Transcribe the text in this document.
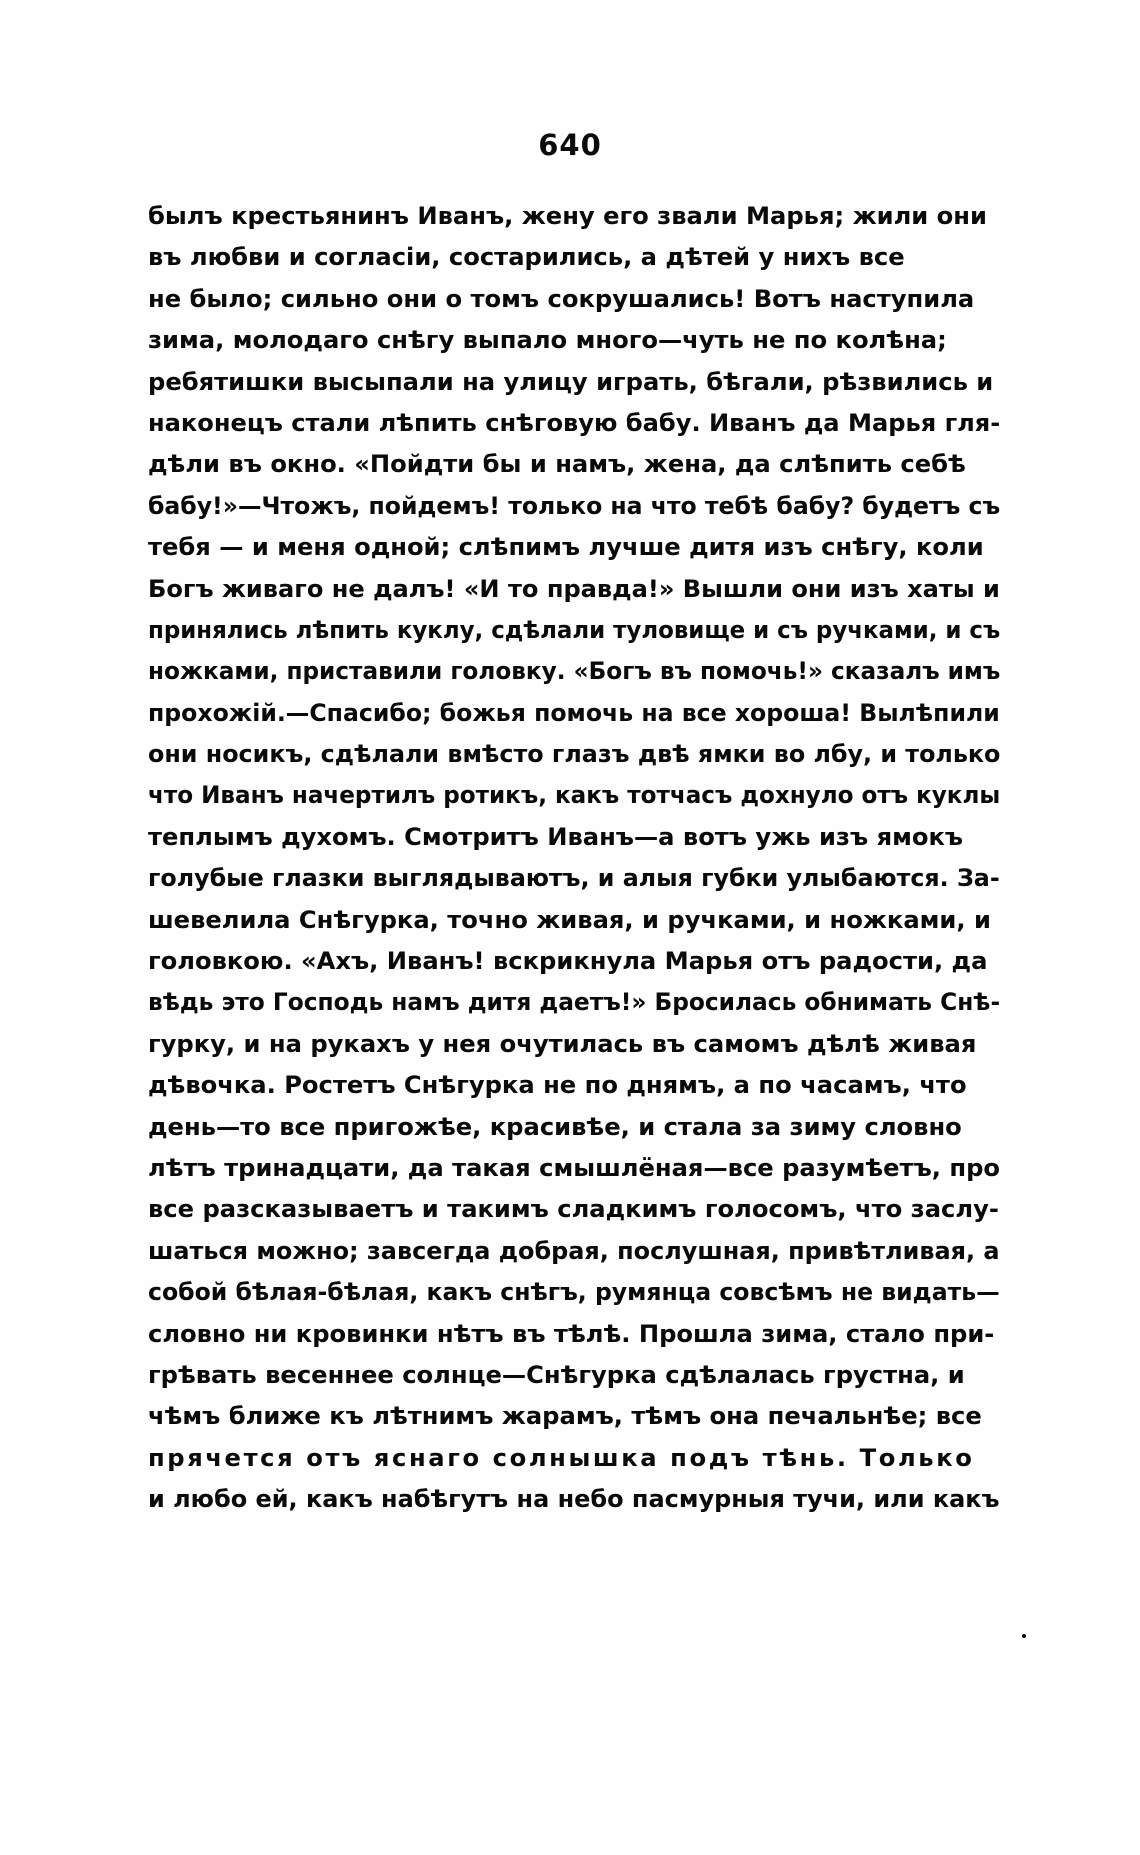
640
былъ крестьянинъ Иванъ, жену его звали Марья; жили они
въ любви и согласіи, состарились, а дѣтей у нихъ все
не было; сильно они о томъ сокрушались! Вотъ наступила
зима, молодаго снѣгу выпало много—чуть не по колѣна;
ребятишки высыпали на улицу играть, бѣгали, рѣзвились и
наконецъ стали лѣпить снѣговую бабу. Иванъ да Марья гля-
дѣли въ окно. «Пойдти бы и намъ, жена, да слѣпить себѣ
бабу!»—Чтожъ, пойдемъ! только на что тебѣ бабу? будетъ съ
тебя — и меня одной; слѣпимъ лучше дитя изъ снѣгу, коли
Богъ живаго не далъ! «И то правда!» Вышли они изъ хаты и
принялись лѣпить куклу, сдѣлали туловище и съ ручками, и съ
ножками, приставили головку. «Богъ въ помочь!» сказалъ имъ
прохожій.—Спасибо; божья помочь на все хороша! Вылѣпили
они носикъ, сдѣлали вмѣсто глазъ двѣ ямки во лбу, и только
что Иванъ начертилъ ротикъ, какъ тотчасъ дохнуло отъ куклы
теплымъ духомъ. Смотритъ Иванъ—а вотъ ужь изъ ямокъ
голубые глазки выглядываютъ, и алыя губки улыбаются. За-
шевелила Снѣгурка, точно живая, и ручками, и ножками, и
головкою. «Ахъ, Иванъ! вскрикнула Марья отъ радости, да
вѣдь это Господь намъ дитя даетъ!» Бросилась обнимать Снѣ-
гурку, и на рукахъ у нея очутилась въ самомъ дѣлѣ живая
дѣвочка. Ростетъ Снѣгурка не по днямъ, а по часамъ, что
день—то все пригожѣе, красивѣе, и стала за зиму словно
лѣтъ тринадцати, да такая смышлёная—все разумѣетъ, про
все разсказываетъ и такимъ сладкимъ голосомъ, что заслу-
шаться можно; завсегда добрая, послушная, привѣтливая, а
собой бѣлая-бѣлая, какъ снѣгъ, румянца совсѣмъ не видать—
словно ни кровинки нѣтъ въ тѣлѣ. Прошла зима, стало при-
грѣвать весеннее солнце—Снѣгурка сдѣлалась грустна, и
чѣмъ ближе къ лѣтнимъ жарамъ, тѣмъ она печальнѣе; все
прячется отъ яснаго солнышка подъ тѣнь. Только
и любо ей, какъ набѣгутъ на небо пасмурныя тучи, или какъ
